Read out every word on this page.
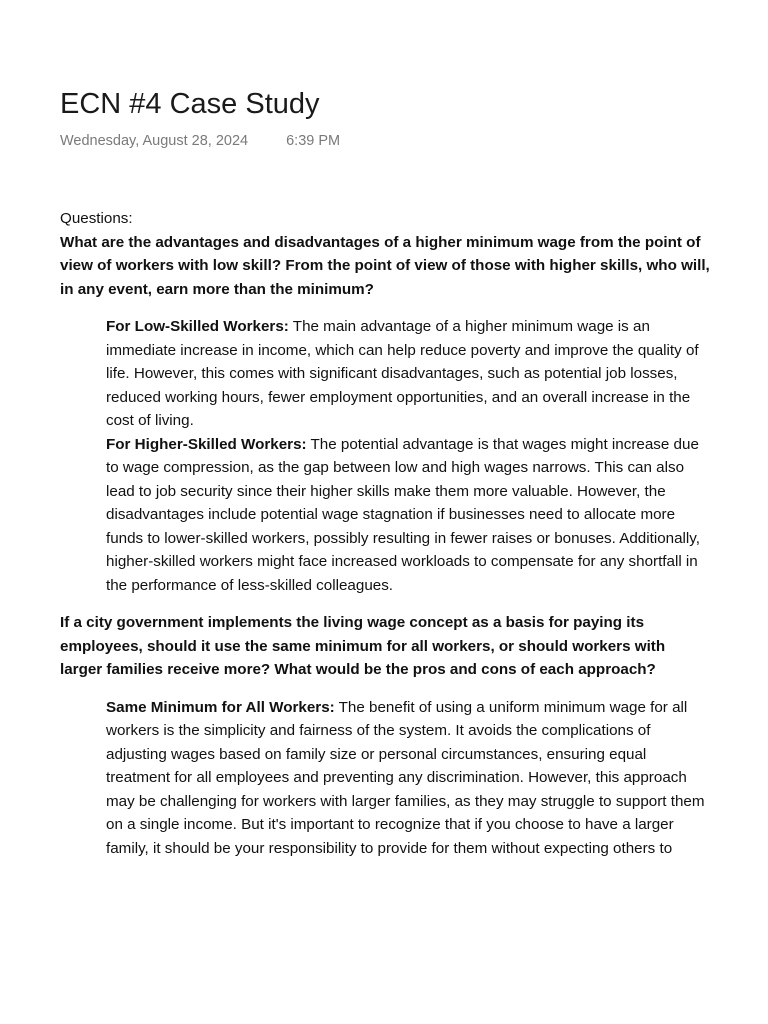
ECN #4 Case Study
Wednesday, August 28, 2024	6:39 PM

Questions:

What are the advantages and disadvantages of a higher minimum wage from the point of view of workers with low skill? From the point of view of those with higher skills, who will, in any event, earn more than the minimum?

For Low-Skilled Workers: The main advantage of a higher minimum wage is an immediate increase in income, which can help reduce poverty and improve the quality of life. However, this comes with significant disadvantages, such as potential job losses, reduced working hours, fewer employment opportunities, and an overall increase in the cost of living.

For Higher-Skilled Workers: The potential advantage is that wages might increase due to wage compression, as the gap between low and high wages narrows. This can also lead to job security since their higher skills make them more valuable. However, the disadvantages include potential wage stagnation if businesses need to allocate more funds to lower-skilled workers, possibly resulting in fewer raises or bonuses. Additionally, higher-skilled workers might face increased workloads to compensate for any shortfall in the performance of less-skilled colleagues.

If a city government implements the living wage concept as a basis for paying its employees, should it use the same minimum for all workers, or should workers with larger families receive more? What would be the pros and cons of each approach?

Same Minimum for All Workers: The benefit of using a uniform minimum wage for all workers is the simplicity and fairness of the system. It avoids the complications of adjusting wages based on family size or personal circumstances, ensuring equal treatment for all employees and preventing any discrimination. However, this approach may be challenging for workers with larger families, as they may struggle to support them on a single income. But it's important to recognize that if you choose to have a larger family, it should be your responsibility to provide for them without expecting others to
